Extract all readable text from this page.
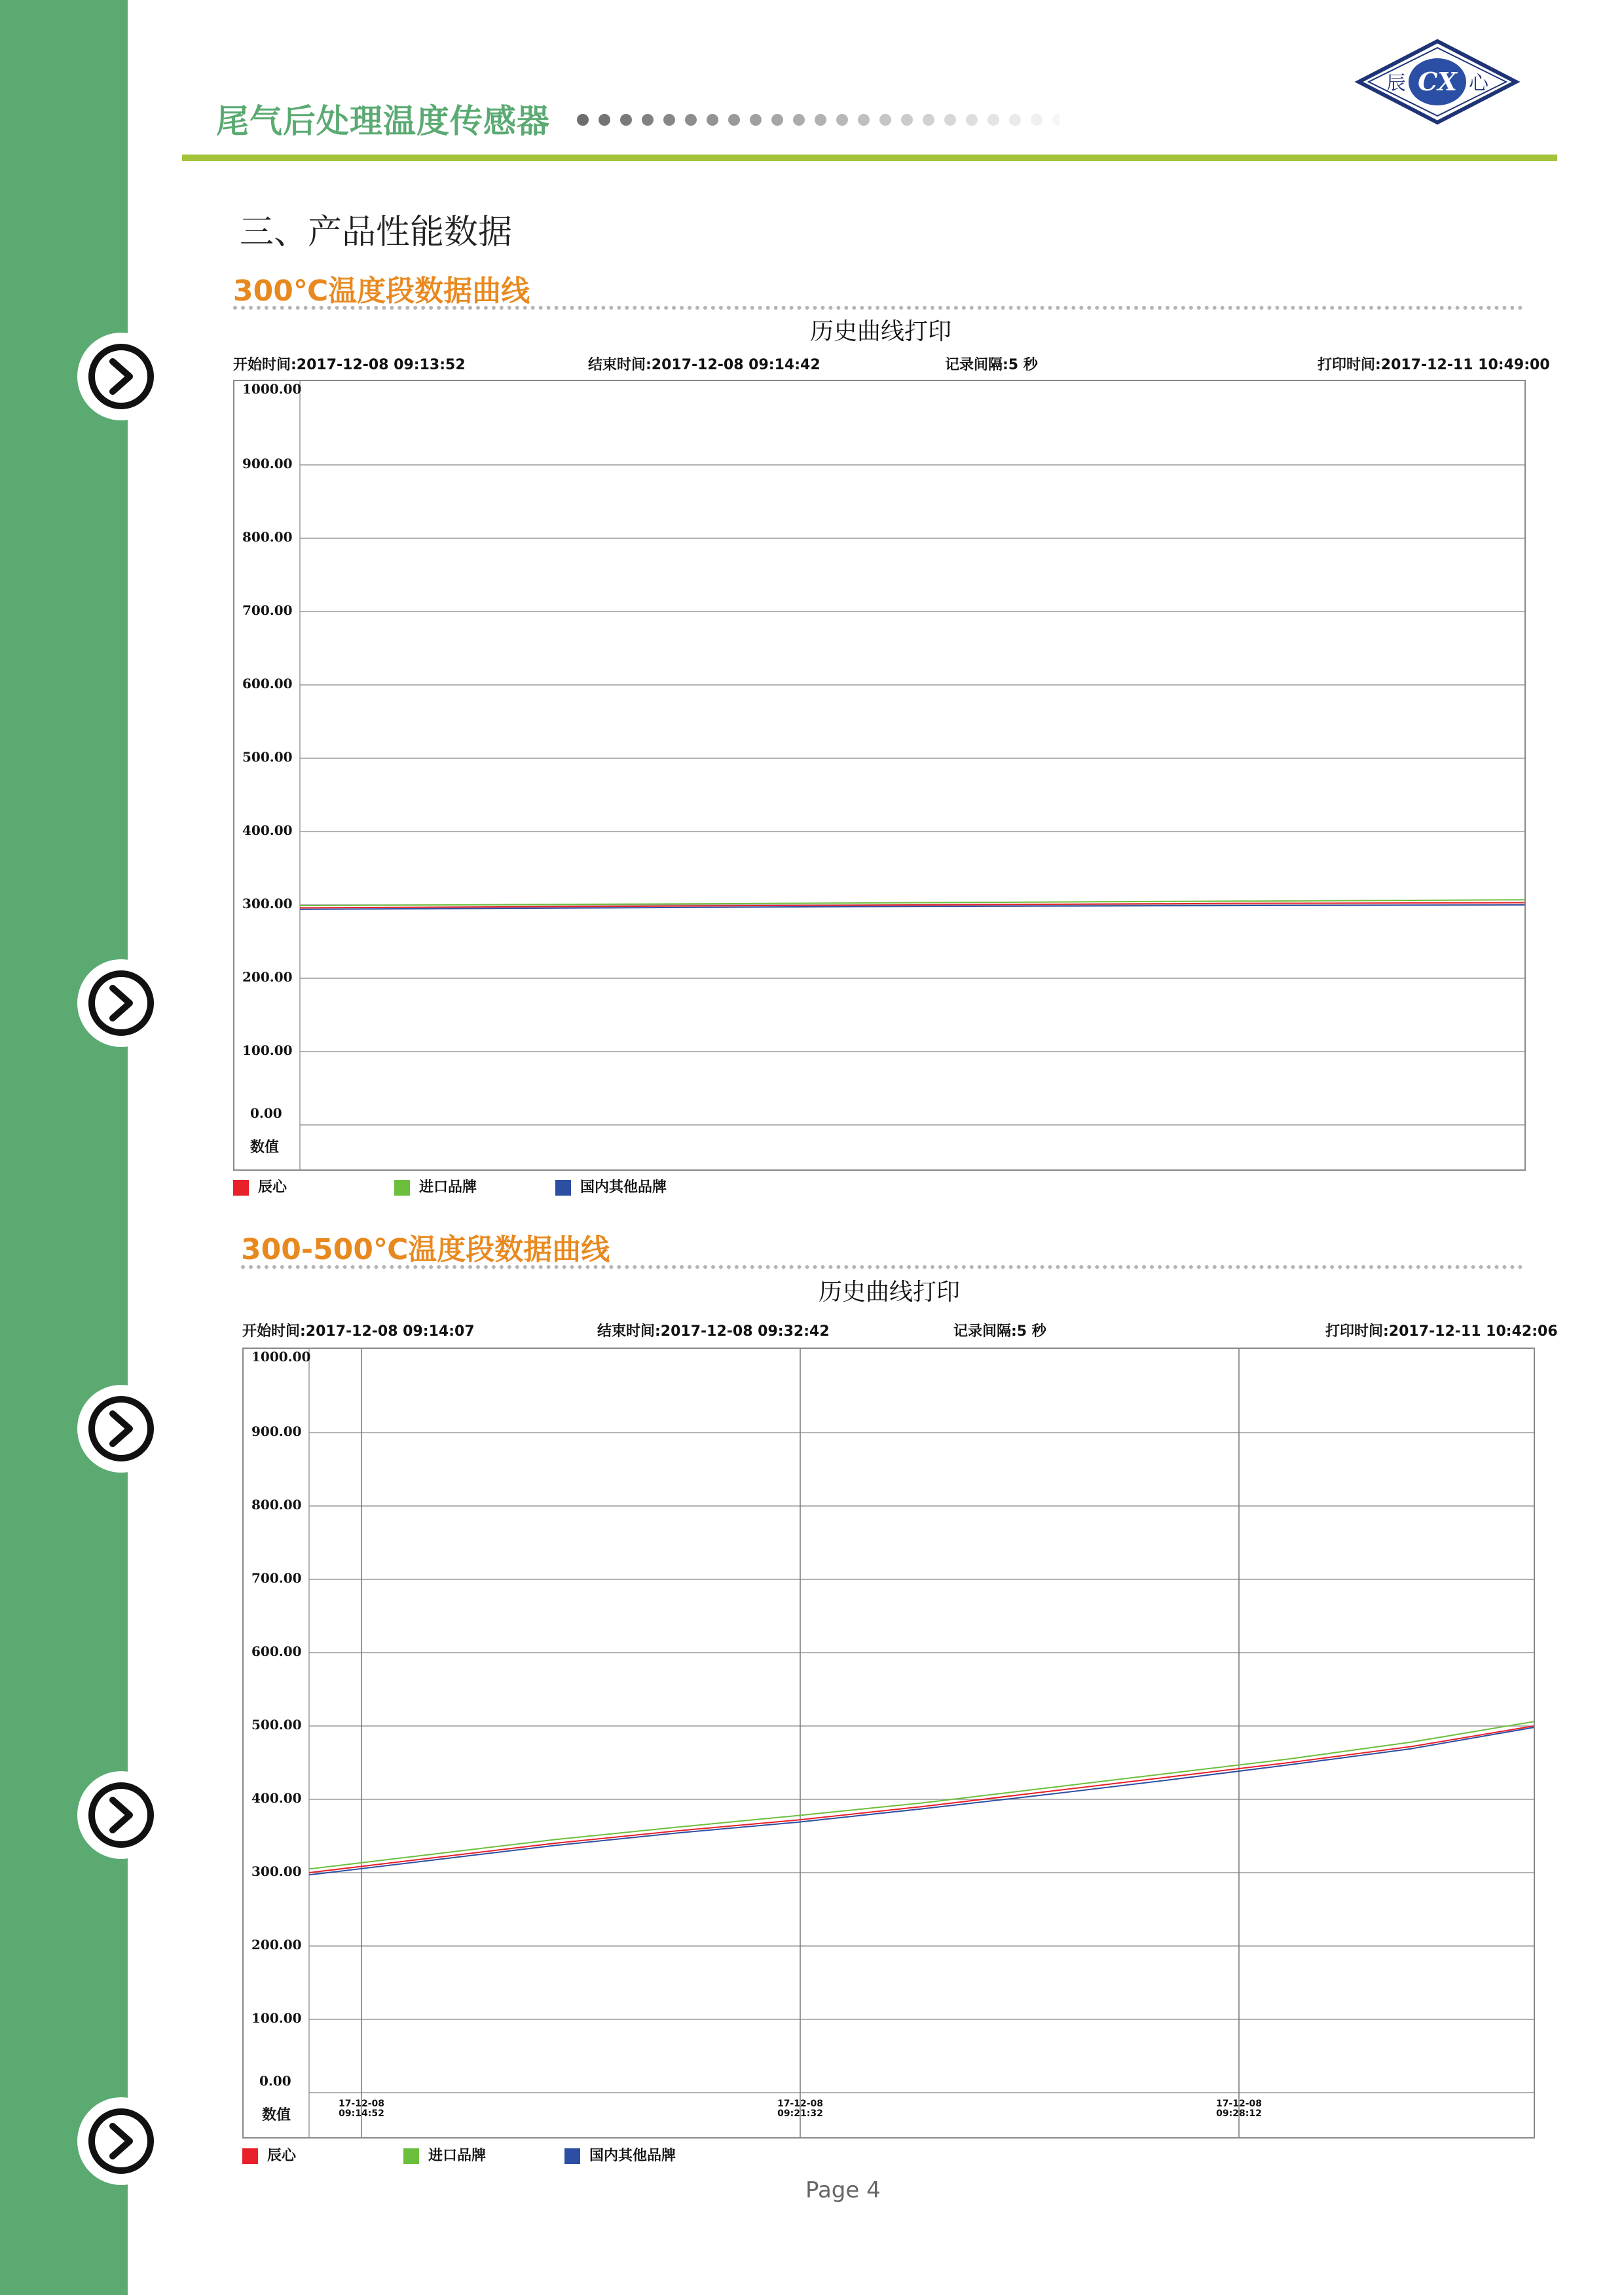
尾气后处理温度传感器
CX
辰	心
三、产品性能数据
300℃温度段数据曲线
历史曲线打印
开始时间:2017-12-08 09:13:52	结束时间:2017-12-08 09:14:42	记录间隔:5 秒	打印时间:2017-12-11 10:49:00
1000.00
900.00
800.00
700.00
600.00
500.00
400.00
300.00
200.00
100.00
0.00
数值
辰心	进口品牌	国内其他品牌
300-500℃温度段数据曲线
历史曲线打印
开始时间:2017-12-08 09:14:07	结束时间:2017-12-08 09:32:42	记录间隔:5 秒	打印时间:2017-12-11 10:42:06
1000.00
900.00
800.00
700.00
600.00
500.00
400.00
300.00
200.00
100.00
0.00
数值
17-12-08
09:14:52
17-12-08
09:21:32
17-12-08
09:28:12
辰心	进口品牌	国内其他品牌
Page 4
